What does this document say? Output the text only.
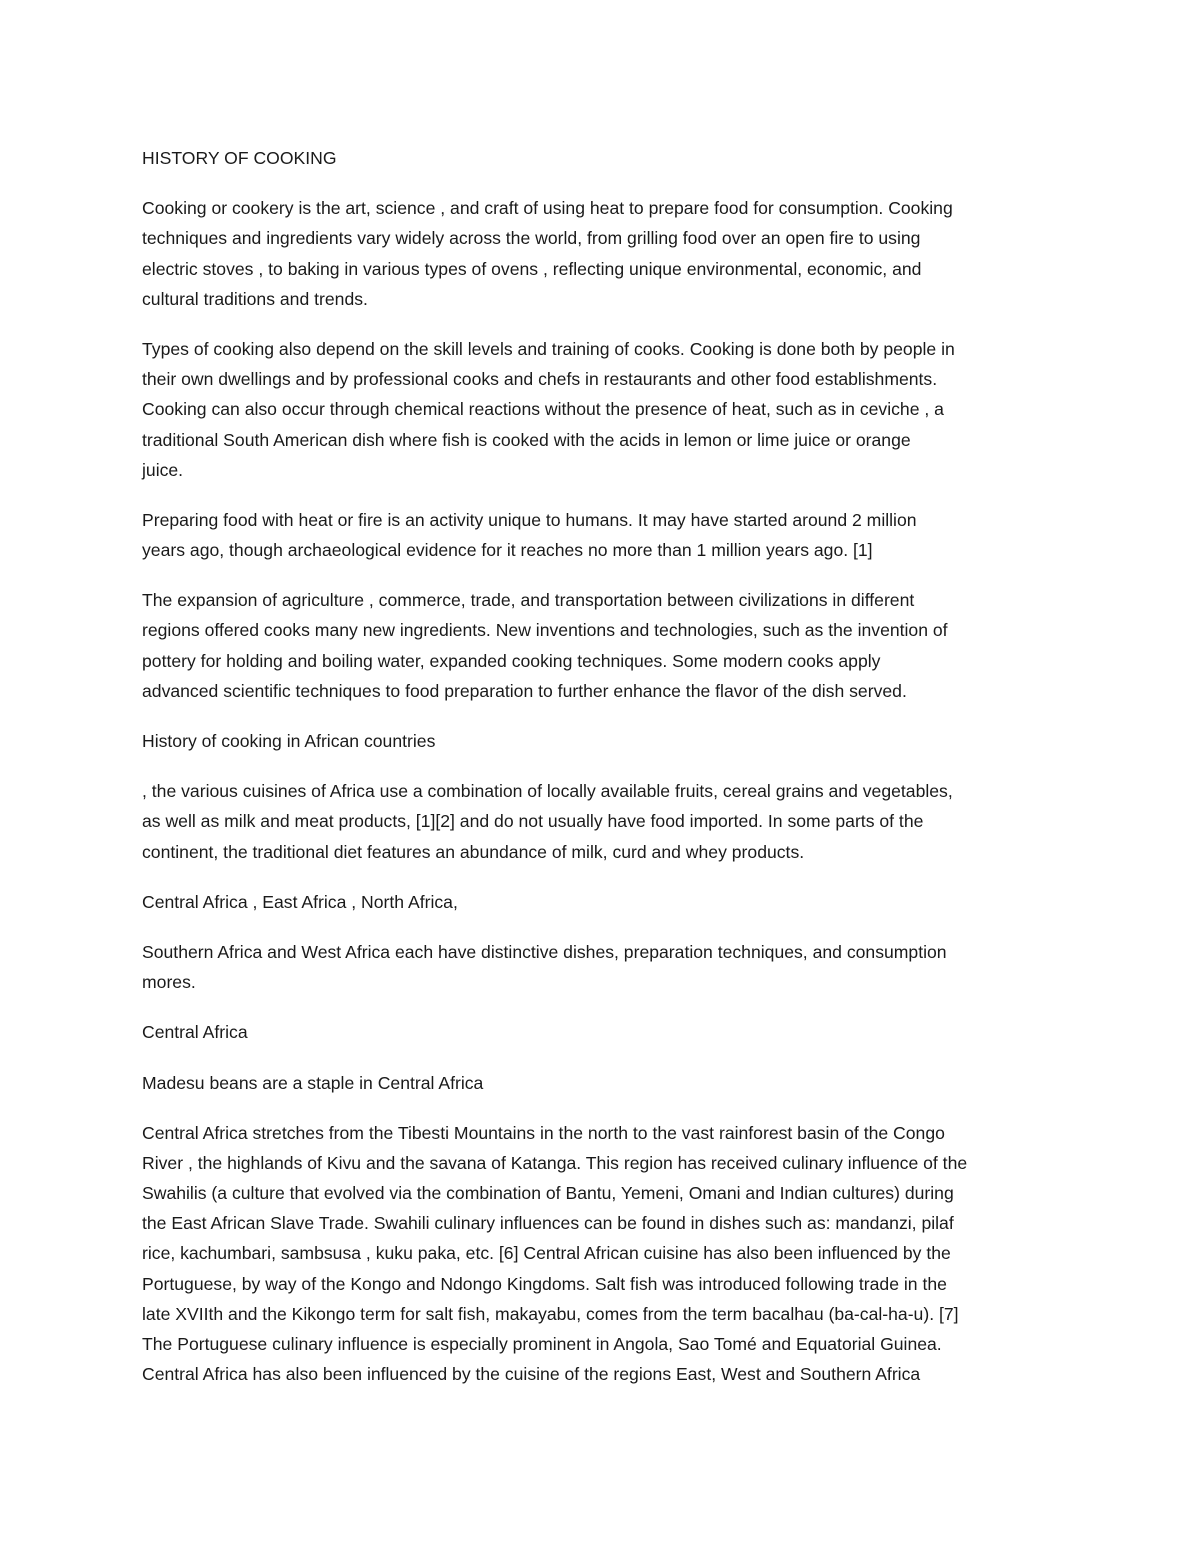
HISTORY OF COOKING
Cooking or cookery is the art, science , and craft of using heat to prepare food for consumption. Cooking
techniques and ingredients vary widely across the world, from grilling food over an open fire to using
electric stoves , to baking in various types of ovens , reflecting unique environmental, economic, and
cultural traditions and trends.
Types of cooking also depend on the skill levels and training of cooks. Cooking is done both by people in
their own dwellings and by professional cooks and chefs in restaurants and other food establishments.
Cooking can also occur through chemical reactions without the presence of heat, such as in ceviche , a
traditional South American dish where fish is cooked with the acids in lemon or lime juice or orange
juice.
Preparing food with heat or fire is an activity unique to humans. It may have started around 2 million
years ago, though archaeological evidence for it reaches no more than 1 million years ago. [1]
The expansion of agriculture , commerce, trade, and transportation between civilizations in different
regions offered cooks many new ingredients. New inventions and technologies, such as the invention of
pottery for holding and boiling water, expanded cooking techniques. Some modern cooks apply
advanced scientific techniques to food preparation to further enhance the flavor of the dish served.
History of cooking in African countries
, the various cuisines of Africa use a combination of locally available fruits, cereal grains and vegetables,
as well as milk and meat products, [1][2] and do not usually have food imported. In some parts of the
continent, the traditional diet features an abundance of milk, curd and whey products.
Central Africa , East Africa , North Africa,
Southern Africa and West Africa each have distinctive dishes, preparation techniques, and consumption
mores.
Central Africa
Madesu beans are a staple in Central Africa
Central Africa stretches from the Tibesti Mountains in the north to the vast rainforest basin of the Congo
River , the highlands of Kivu and the savana of Katanga. This region has received culinary influence of the
Swahilis (a culture that evolved via the combination of Bantu, Yemeni, Omani and Indian cultures) during
the East African Slave Trade. Swahili culinary influences can be found in dishes such as: mandanzi, pilaf
rice, kachumbari, sambsusa , kuku paka, etc. [6] Central African cuisine has also been influenced by the
Portuguese, by way of the Kongo and Ndongo Kingdoms. Salt fish was introduced following trade in the
late XVIIth and the Kikongo term for salt fish, makayabu, comes from the term bacalhau (ba-cal-ha-u). [7]
The Portuguese culinary influence is especially prominent in Angola, Sao Tomé and Equatorial Guinea.
Central Africa has also been influenced by the cuisine of the regions East, West and Southern Africa
